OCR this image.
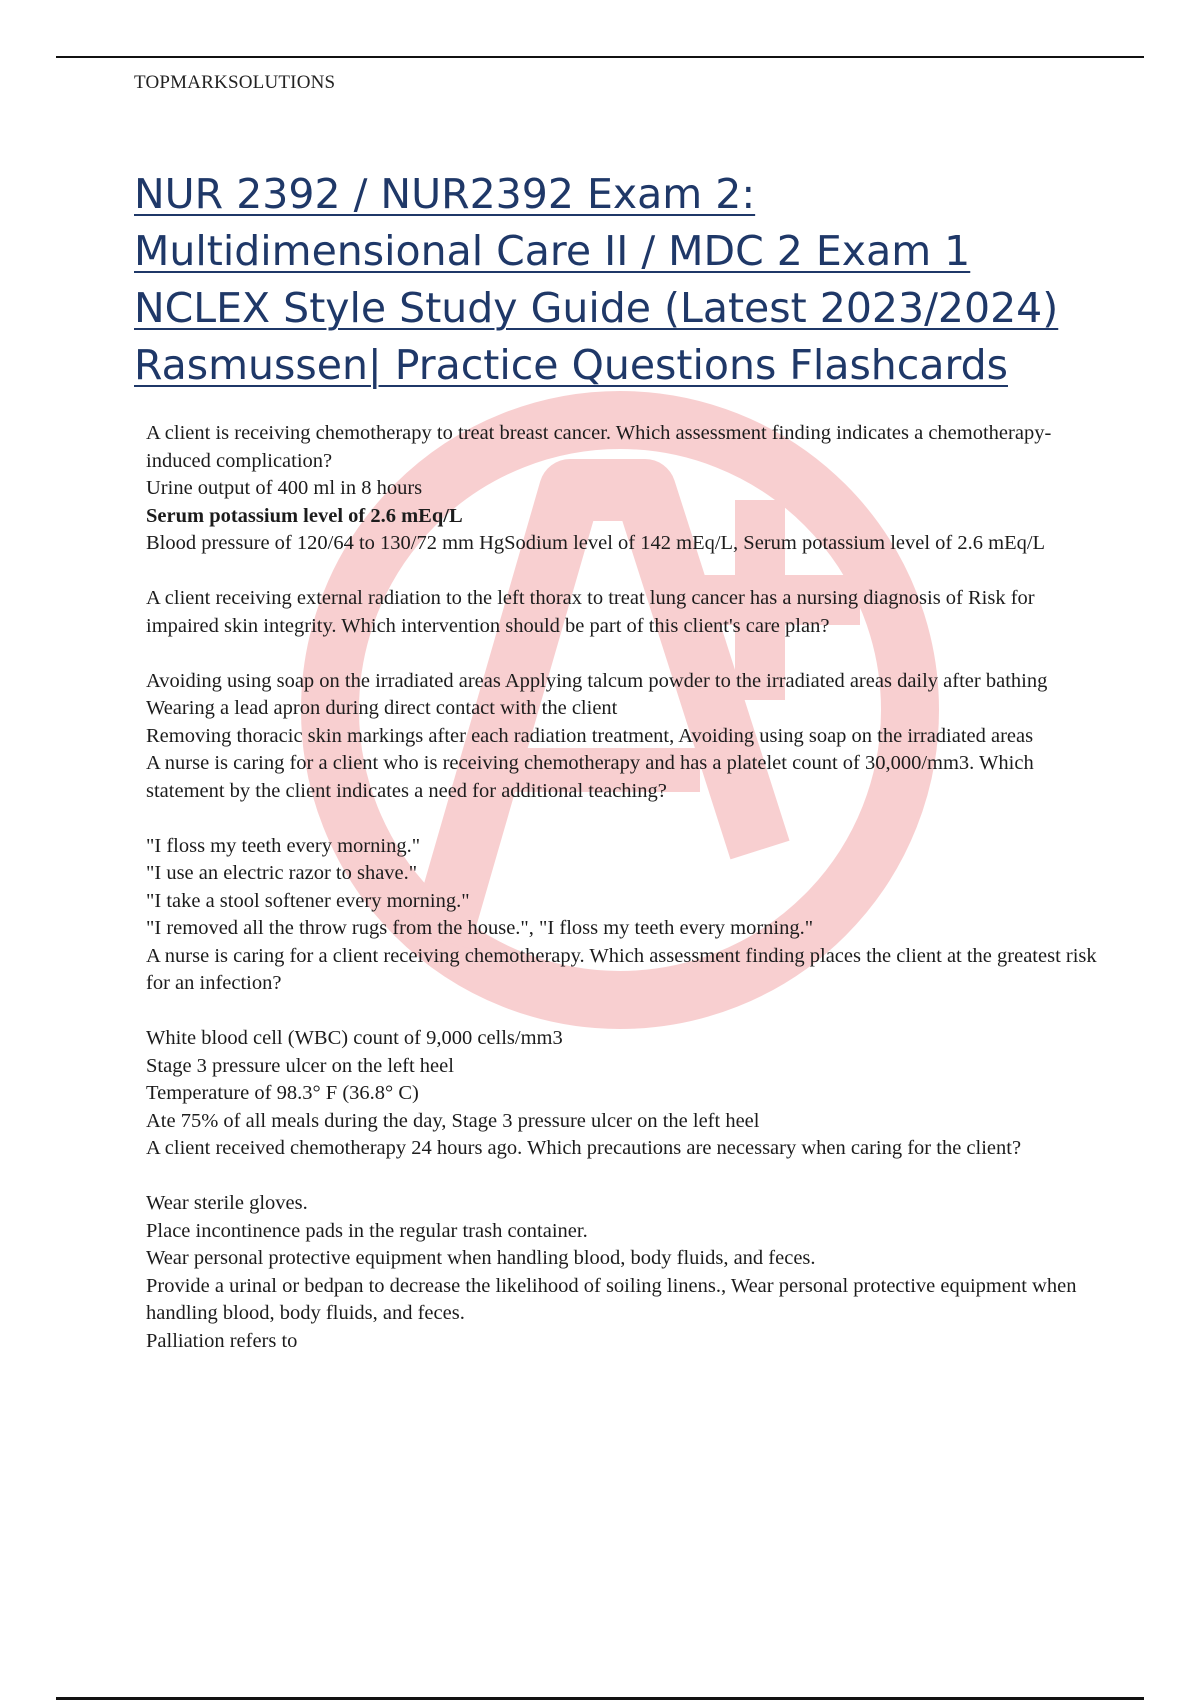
TOPMARKSOLUTIONS
NUR 2392 / NUR2392 Exam 2:
Multidimensional Care II / MDC 2 Exam 1
NCLEX Style Study Guide (Latest 2023/2024)
Rasmussen| Practice Questions Flashcards
A client is receiving chemotherapy to treat breast cancer. Which assessment finding indicates a chemotherapy-induced complication?
Urine output of 400 ml in 8 hours
Serum potassium level of 2.6 mEq/L
Blood pressure of 120/64 to 130/72 mm HgSodium level of 142 mEq/L, Serum potassium level of 2.6 mEq/L
A client receiving external radiation to the left thorax to treat lung cancer has a nursing diagnosis of Risk for impaired skin integrity. Which intervention should be part of this client's care plan?
Avoiding using soap on the irradiated areas Applying talcum powder to the irradiated areas daily after bathing
Wearing a lead apron during direct contact with the client
Removing thoracic skin markings after each radiation treatment, Avoiding using soap on the irradiated areas
A nurse is caring for a client who is receiving chemotherapy and has a platelet count of 30,000/mm3. Which statement by the client indicates a need for additional teaching?
"I floss my teeth every morning."
"I use an electric razor to shave."
"I take a stool softener every morning."
"I removed all the throw rugs from the house.", "I floss my teeth every morning."
A nurse is caring for a client receiving chemotherapy. Which assessment finding places the client at the greatest risk for an infection?
White blood cell (WBC) count of 9,000 cells/mm3
Stage 3 pressure ulcer on the left heel
Temperature of 98.3° F (36.8° C)
Ate 75% of all meals during the day, Stage 3 pressure ulcer on the left heel
A client received chemotherapy 24 hours ago. Which precautions are necessary when caring for the client?
Wear sterile gloves.
Place incontinence pads in the regular trash container.
Wear personal protective equipment when handling blood, body fluids, and feces.
Provide a urinal or bedpan to decrease the likelihood of soiling linens., Wear personal protective equipment when handling blood, body fluids, and feces.
Palliation refers to
